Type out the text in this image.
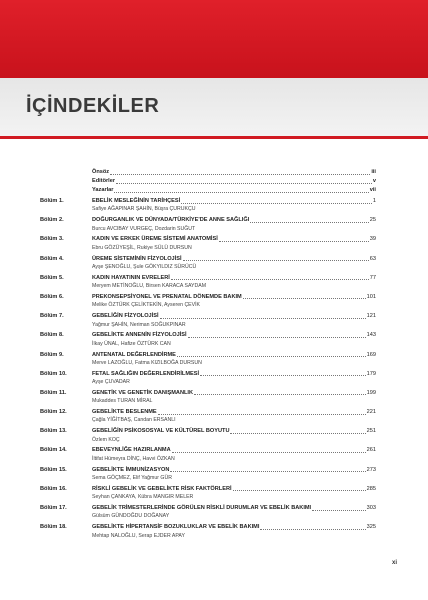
İÇİNDEKİLER
Önsöz	iii
Editörler	v
Yazarlar	vii
Bölüm 1.	EBELİK MESLEĞİNİN TARİHÇESİ	1
Safiye AĞAPINAR ŞAHİN, Büşra ÇURUKÇU
Bölüm 2.	DOĞURGANLIK VE DÜNYADA/TÜRKİYE'DE ANNE SAĞLIĞI	25
Burcu AVCIBAY VURGEÇ, Dozdarin SUĞUT
Bölüm 3.	KADIN VE ERKEK ÜREME SİSTEMİ ANATOMİSİ	39
Ebru GÖZÜYEŞİL, Rukiye SÜLÜ DURSUN
Bölüm 4.	ÜREME SİSTEMİNİN FİZYOLOJİSİ	63
Ayşe ŞENOĞLU, Şule GÖKYILDIZ SÜRÜCÜ
Bölüm 5.	KADIN HAYATININ EVRELERİ	77
Meryem METİNOĞLU, Birsen KARACA SAYDAM
Bölüm 6.	PREKONSEPSİYONEL VE PRENATAL DÖNEMDE BAKIM	101
Melike ÖZTÜRK ÇELİKTEKİN, Ayseren ÇEVİK
Bölüm 7.	GEBELİĞİN FİZYOLOJİSİ	121
Yağmur ŞAHİN, Neriman SOĞUKPINAR
Bölüm 8.	GEBELİKTE ANNENİN FİZYOLOJİSİ	143
İlkay ÜNAL, Hafize ÖZTÜRK CAN
Bölüm 9.	ANTENATAL DEĞERLENDİRME	169
Merve LAZOĞLU, Fatma KIZILBOĞA DURSUN
Bölüm 10.	FETAL SAĞLIĞIN DEĞERLENDİRİLMESİ	179
Ayşe ÇUVADAR
Bölüm 11.	GENETİK VE GENETİK DANIŞMANLIK	199
Mukaddes TURAN MİRAL
Bölüm 12.	GEBELİKTE BESLENME	221
Çağla YİĞİTBAŞ, Candan ERSANLI
Bölüm 13.	GEBELİĞİN PSİKOSOSYAL VE KÜLTÜREL BOYUTU	251
Özlem KOÇ
Bölüm 14.	EBEVEYNLİĞE HAZIRLANMA	261
İltifat Hümeyra DİNÇ, Havvi ÖZKAN
Bölüm 15.	GEBELİKTE İMMUNİZASYON	273
Sema GÖÇMEZ, Elif Yağmur GÜR
Bölüm 16.	RİSKLİ GEBELİK VE GEBELİKTE RİSK FAKTÖRLERİ	285
Seyhan ÇANKAYA, Kübra MANGIR MELER
Bölüm 17.	GEBELİK TRİMESTERLERİNDE GÖRÜLEN RİSKLİ DURUMLAR VE EBELİK BAKIMI	303
Gülsüm GÜNDOĞDU DOĞANAY
Bölüm 18.	GEBELİKTE HİPERTANSİF BOZUKLUKLAR VE EBELİK BAKIMI	325
Mehtap NALOĞLU, Serap EJDER APAY
xi
